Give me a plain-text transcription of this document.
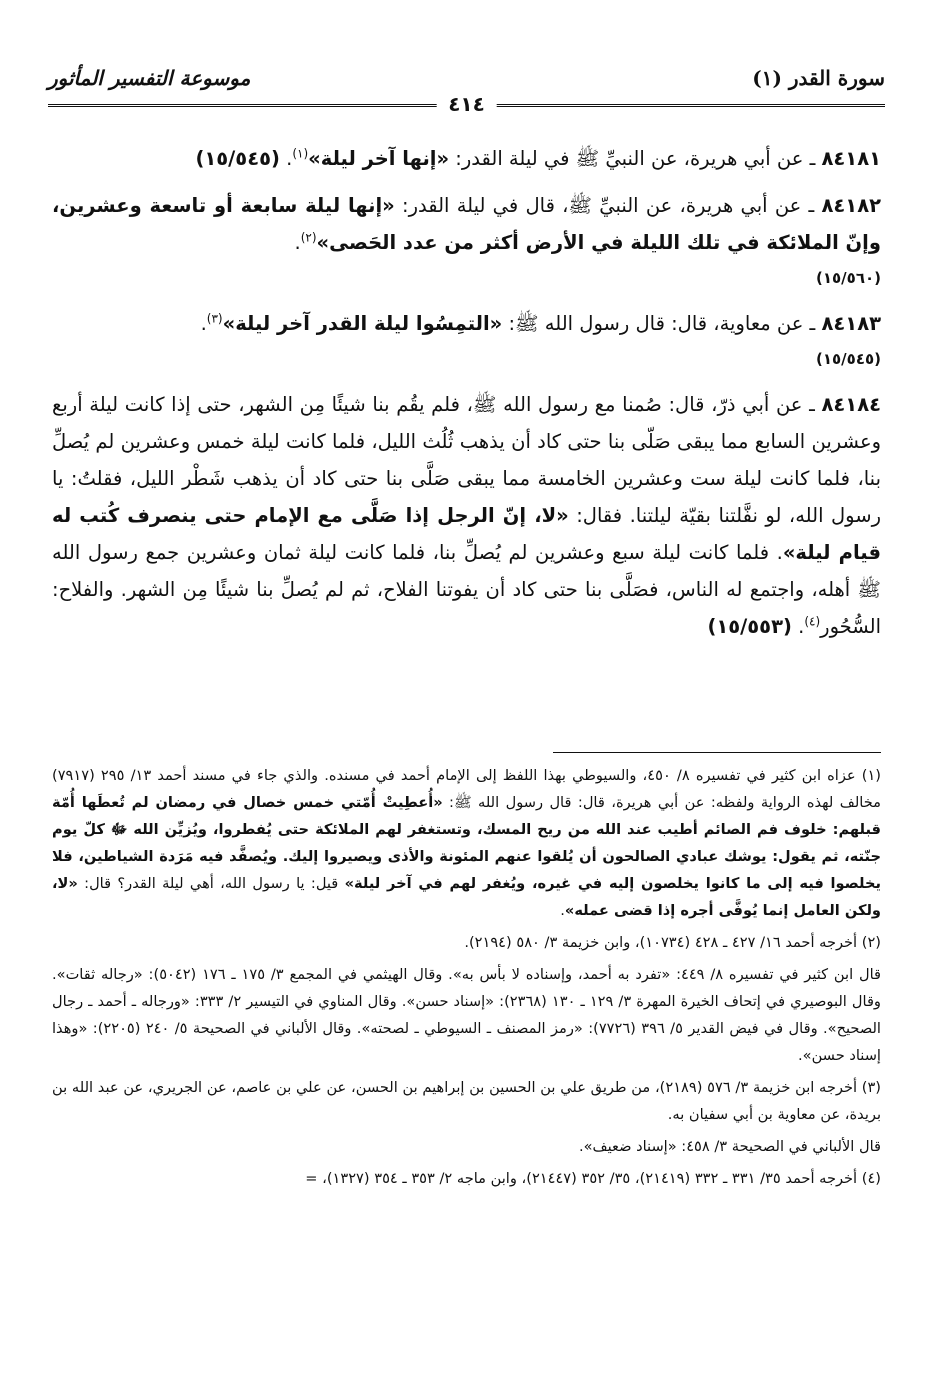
سورة القدر (١)
موسوعة التفسير المأثور
٤١٤

٨٤١٨١ ـ عن أبي هريرة، عن النبيِّ ﷺ في ليلة القدر: «إنها آخر ليلة»$^{(١)}$. (١٥/٥٤٥)

٨٤١٨٢ ـ عن أبي هريرة، عن النبيِّ ﷺ، قال في ليلة القدر: «إنها ليلة سابعة أو تاسعة وعشرين، وإنّ الملائكة في تلك الليلة في الأرض أكثر من عدد الحَصى»$^{(٢)}$.
(١٥/٥٦٠)

٨٤١٨٣ ـ عن معاوية، قال: قال رسول الله ﷺ: «التمِسُوا ليلة القدر آخر ليلة»$^{(٣)}$.
(١٥/٥٤٥)

٨٤١٨٤ ـ عن أبي ذرّ، قال: صُمنا مع رسول الله ﷺ، فلم يقُم بنا شيئًا مِن الشهر، حتى إذا كانت ليلة أربع وعشرين السابع مما يبقى صَلّى بنا حتى كاد أن يذهب ثُلُث الليل، فلما كانت ليلة خمس وعشرين لم يُصلِّ بنا، فلما كانت ليلة ست وعشرين الخامسة مما يبقى صَلَّى بنا حتى كاد أن يذهب شَطْر الليل، فقلتُ: يا رسول الله، لو نفَّلتنا بقيّة ليلتنا. فقال: «لا، إنّ الرجل إذا صَلَّى مع الإمام حتى ينصرف كُتب له قيام ليلة». فلما كانت ليلة سبع وعشرين لم يُصلِّ بنا، فلما كانت ليلة ثمان وعشرين جمع رسول الله ﷺ أهله، واجتمع له الناس، فصَلَّى بنا حتى كاد أن يفوتنا الفلاح، ثم لم يُصلِّ بنا شيئًا مِن الشهر. والفلاح: السُّحُور$^{(٤)}$. (١٥/٥٥٣)

(١) عزاه ابن كثير في تفسيره ٨/ ٤٥٠، والسيوطي بهذا اللفظ إلى الإمام أحمد في مسنده. والذي جاء في مسند أحمد ١٣/ ٢٩٥ (٧٩١٧) مخالف لهذه الرواية ولفظه: عن أبي هريرة، قال: قال رسول الله ﷺ: «أُعطِيتْ أُمّتي خمس خصال في رمضان لم تُعطَها أُمّة قبلهم: خلوف فم الصائم أطيب عند الله من ريح المسك، وتستغفر لهم الملائكة حتى يُفطروا، ويُزيِّن الله ﷻ كلّ يوم جنّته، ثم يقول: يوشك عبادي الصالحون أن يُلقوا عنهم المئونة والأذى ويصيروا إليك. ويُصفَّد فيه مَرَدة الشياطين، فلا يخلصوا فيه إلى ما كانوا يخلصون إليه في غيره، ويُغفر لهم في آخر ليلة» قيل: يا رسول الله، أهي ليلة القدر؟ قال: «لا، ولكن العامل إنما يُوفَّى أجره إذا قضى عمله».

(٢) أخرجه أحمد ١٦/ ٤٢٧ ـ ٤٢٨ (١٠٧٣٤)، وابن خزيمة ٣/ ٥٨٠ (٢١٩٤).

قال ابن كثير في تفسيره ٨/ ٤٤٩: «تفرد به أحمد، وإسناده لا بأس به». وقال الهيثمي في المجمع ٣/ ١٧٥ ـ ١٧٦ (٥٠٤٢): «رجاله ثقات». وقال البوصيري في إتحاف الخيرة المهرة ٣/ ١٢٩ ـ ١٣٠ (٢٣٦٨): «إسناد حسن». وقال المناوي في التيسير ٢/ ٣٣٣: «ورجاله ـ أحمد ـ رجال الصحيح». وقال في فيض القدير ٥/ ٣٩٦ (٧٧٢٦): «رمز المصنف ـ السيوطي ـ لصحته». وقال الألباني في الصحيحة ٥/ ٢٤٠ (٢٢٠٥): «وهذا إسناد حسن».

(٣) أخرجه ابن خزيمة ٣/ ٥٧٦ (٢١٨٩)، من طريق علي بن الحسين بن إبراهيم بن الحسن، عن علي بن عاصم، عن الجريري، عن عبد الله بن بريدة، عن معاوية بن أبي سفيان به.

قال الألباني في الصحيحة ٣/ ٤٥٨: «إسناد ضعيف».

(٤) أخرجه أحمد ٣٥/ ٣٣١ ـ ٣٣٢ (٢١٤١٩)، ٣٥/ ٣٥٢ (٢١٤٤٧)، وابن ماجه ٢/ ٣٥٣ ـ ٣٥٤ (١٣٢٧)، =
